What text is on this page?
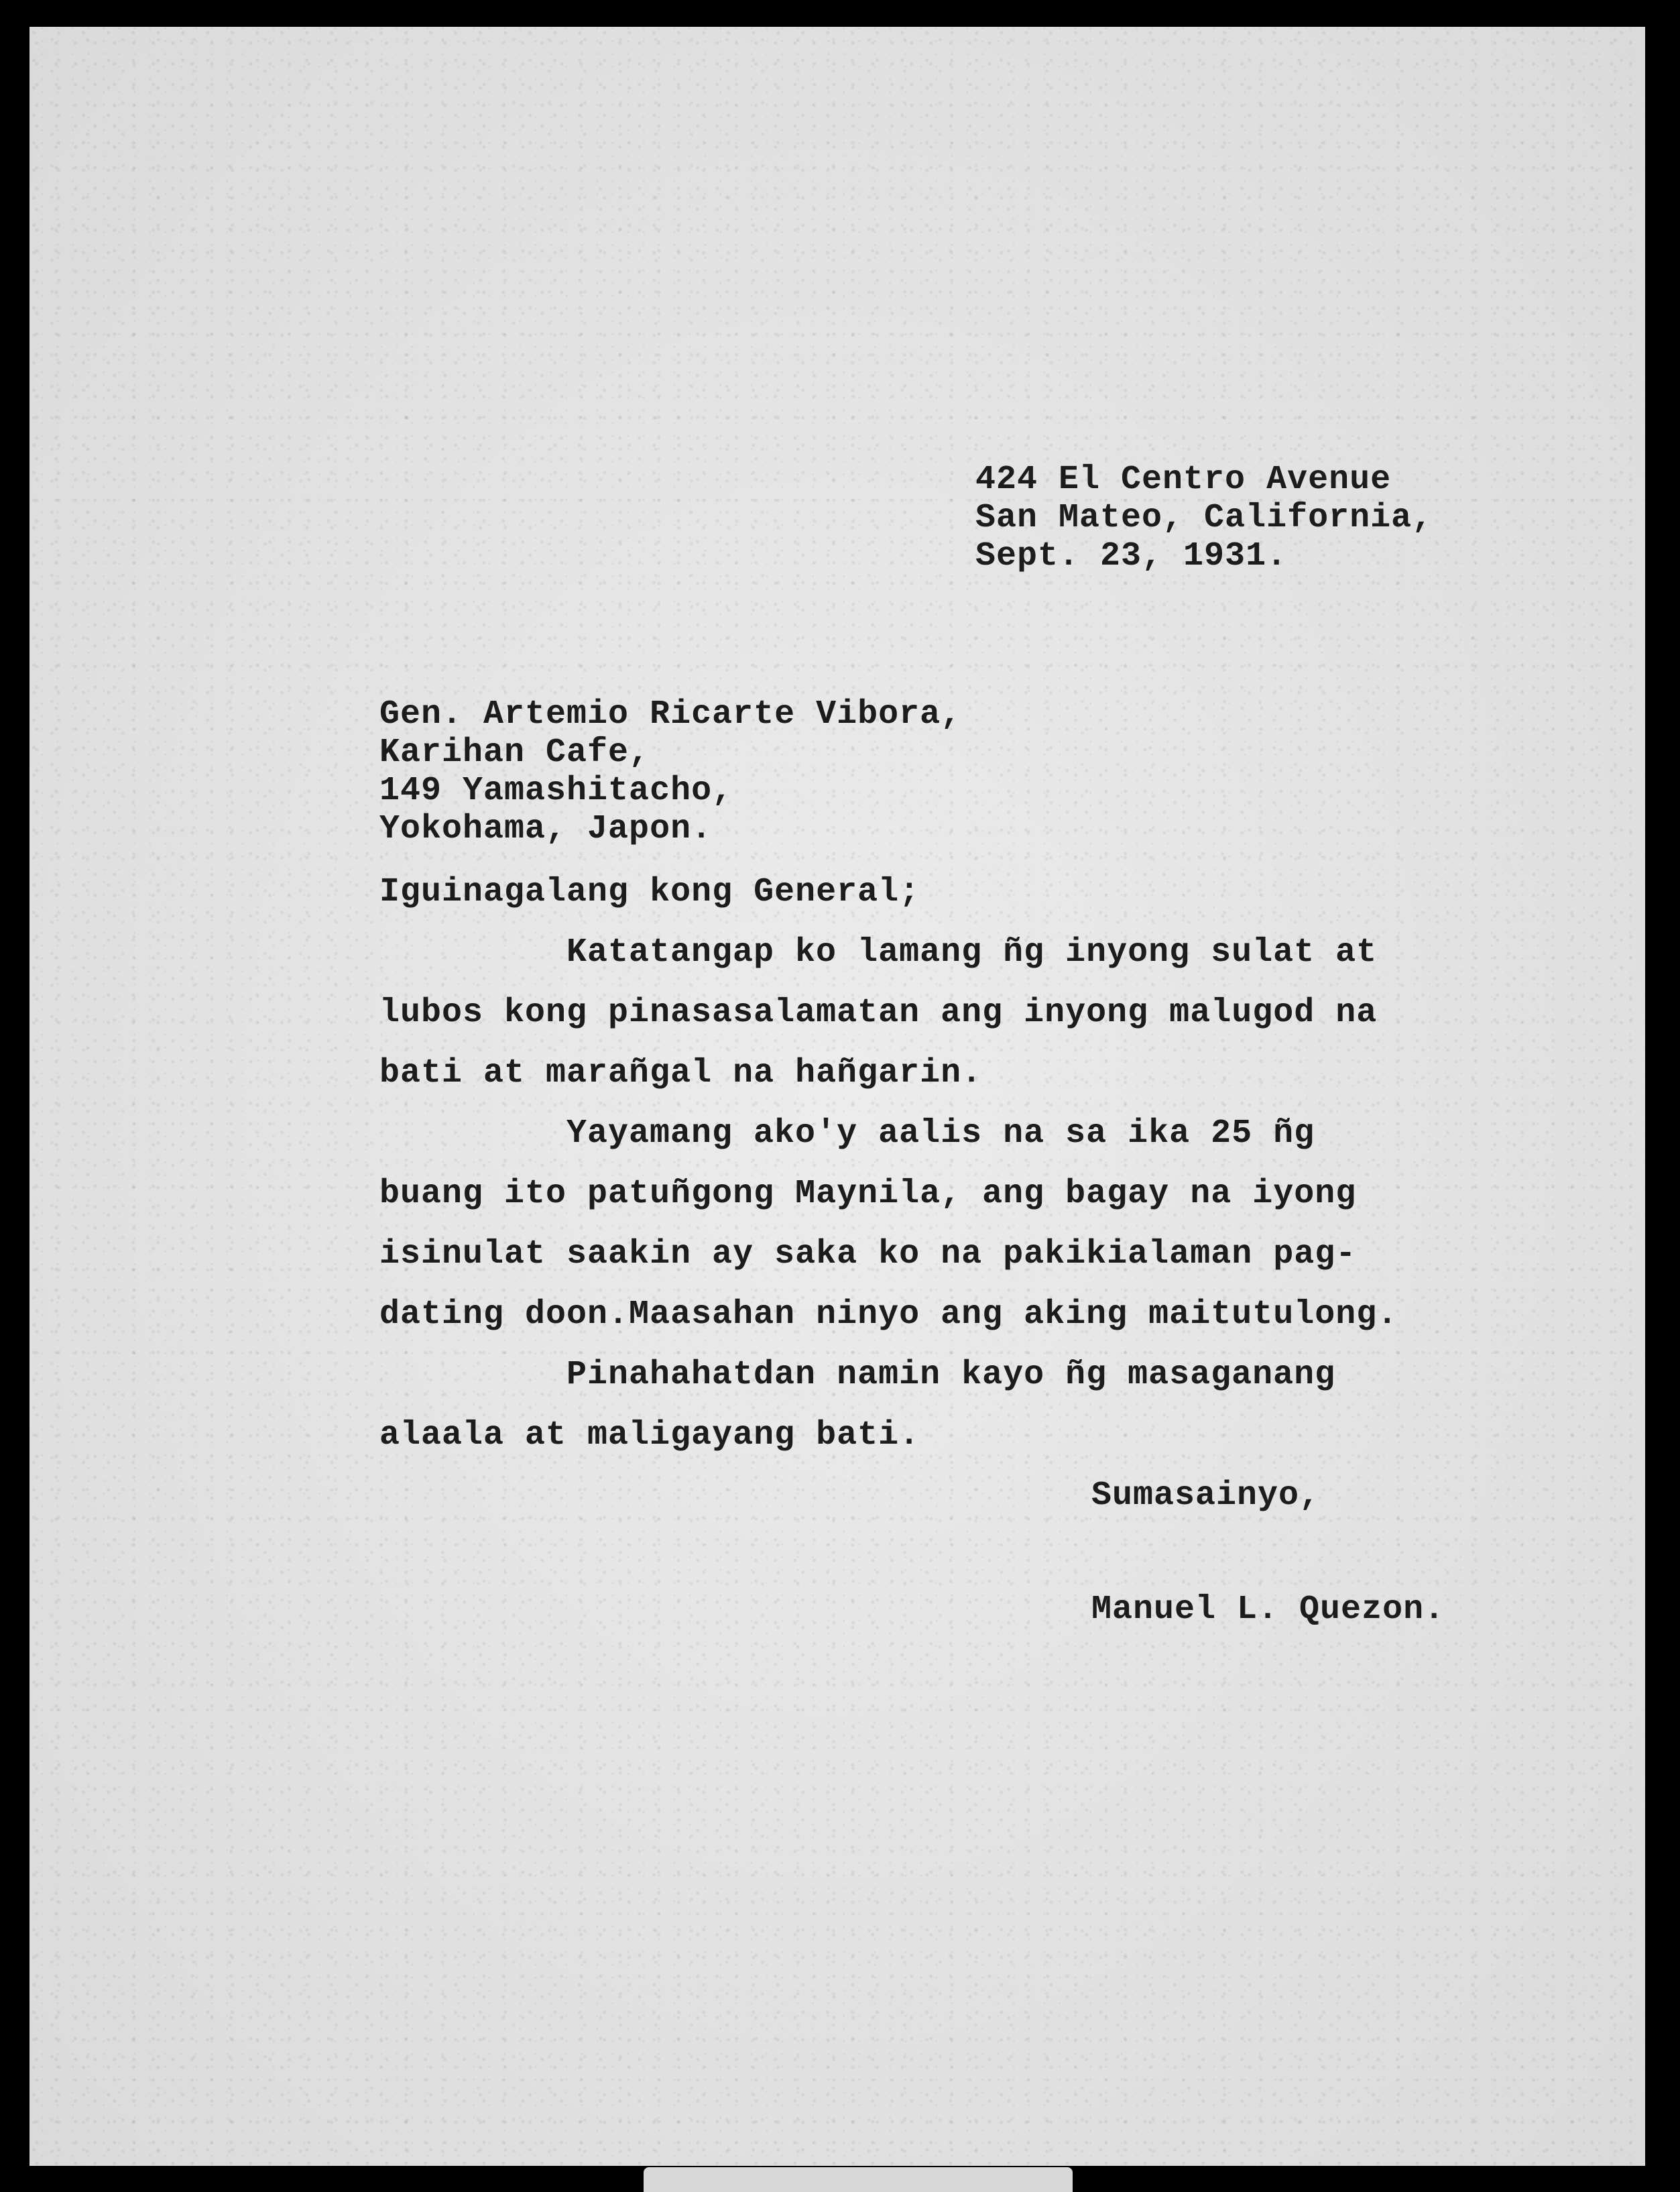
424 El Centro Avenue

San Mateo, California,

Sept. 23, 1931.

Gen. Artemio Ricarte Vibora,

Karihan Cafe,

149 Yamashitacho,

Yokohama, Japon.

Iguinagalang kong General;

Katatangap ko lamang ñg inyong sulat at

lubos kong pinasasalamatan ang inyong malugod na

bati at marañgal na hañgarin.

Yayamang ako'y aalis na sa ika 25 ñg

buang ito patuñgong Maynila, ang bagay na iyong

isinulat saakin ay saka ko na pakikialaman pag-

dating doon.Maasahan ninyo ang aking maitutulong.

Pinahahatdan namin kayo ñg masaganang

alaala at maligayang bati.

Sumasainyo,

Manuel L. Quezon.
